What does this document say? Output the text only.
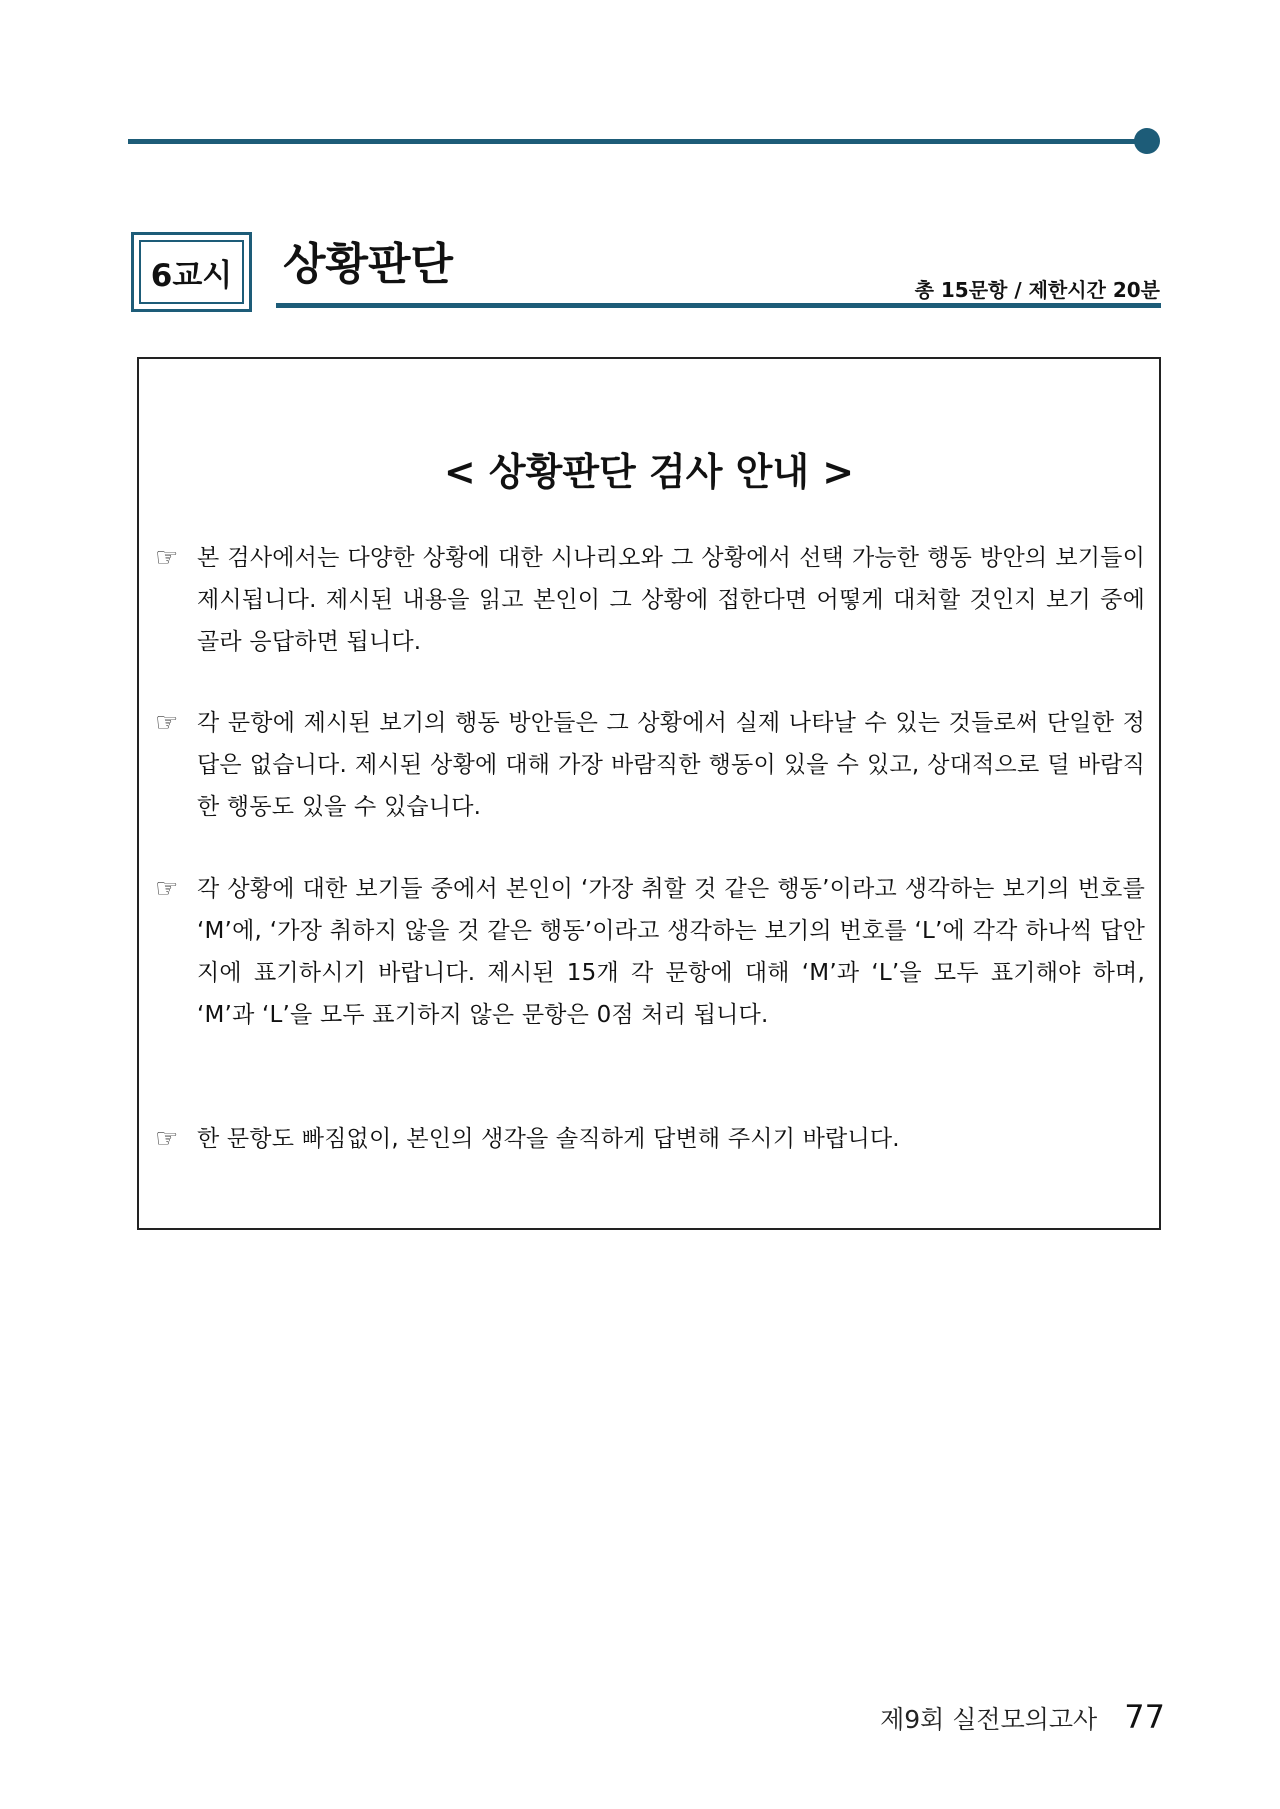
6교시 상황판단	총 15문항 / 제한시간 20분
< 상황판단 검사 안내 >
☞ 본 검사에서는 다양한 상황에 대한 시나리오와 그 상황에서 선택 가능한 행동 방안의 보기들이 제시됩니다. 제시된 내용을 읽고 본인이 그 상황에 접한다면 어떻게 대처할 것인지 보기 중에 골라 응답하면 됩니다.
☞ 각 문항에 제시된 보기의 행동 방안들은 그 상황에서 실제 나타날 수 있는 것들로써 단일한 정답은 없습니다. 제시된 상황에 대해 가장 바람직한 행동이 있을 수 있고, 상대적으로 덜 바람직한 행동도 있을 수 있습니다.
☞ 각 상황에 대한 보기들 중에서 본인이 ‘가장 취할 것 같은 행동’이라고 생각하는 보기의 번호를 ‘M’에, ‘가장 취하지 않을 것 같은 행동’이라고 생각하는 보기의 번호를 ‘L’에 각각 하나씩 답안지에 표기하시기 바랍니다. 제시된 15개 각 문항에 대해 ‘M’과 ‘L’을 모두 표기해야 하며, ‘M’과 ‘L’을 모두 표기하지 않은 문항은 0점 처리 됩니다.
☞ 한 문항도 빠짐없이, 본인의 생각을 솔직하게 답변해 주시기 바랍니다.
제9회 실전모의고사 77
